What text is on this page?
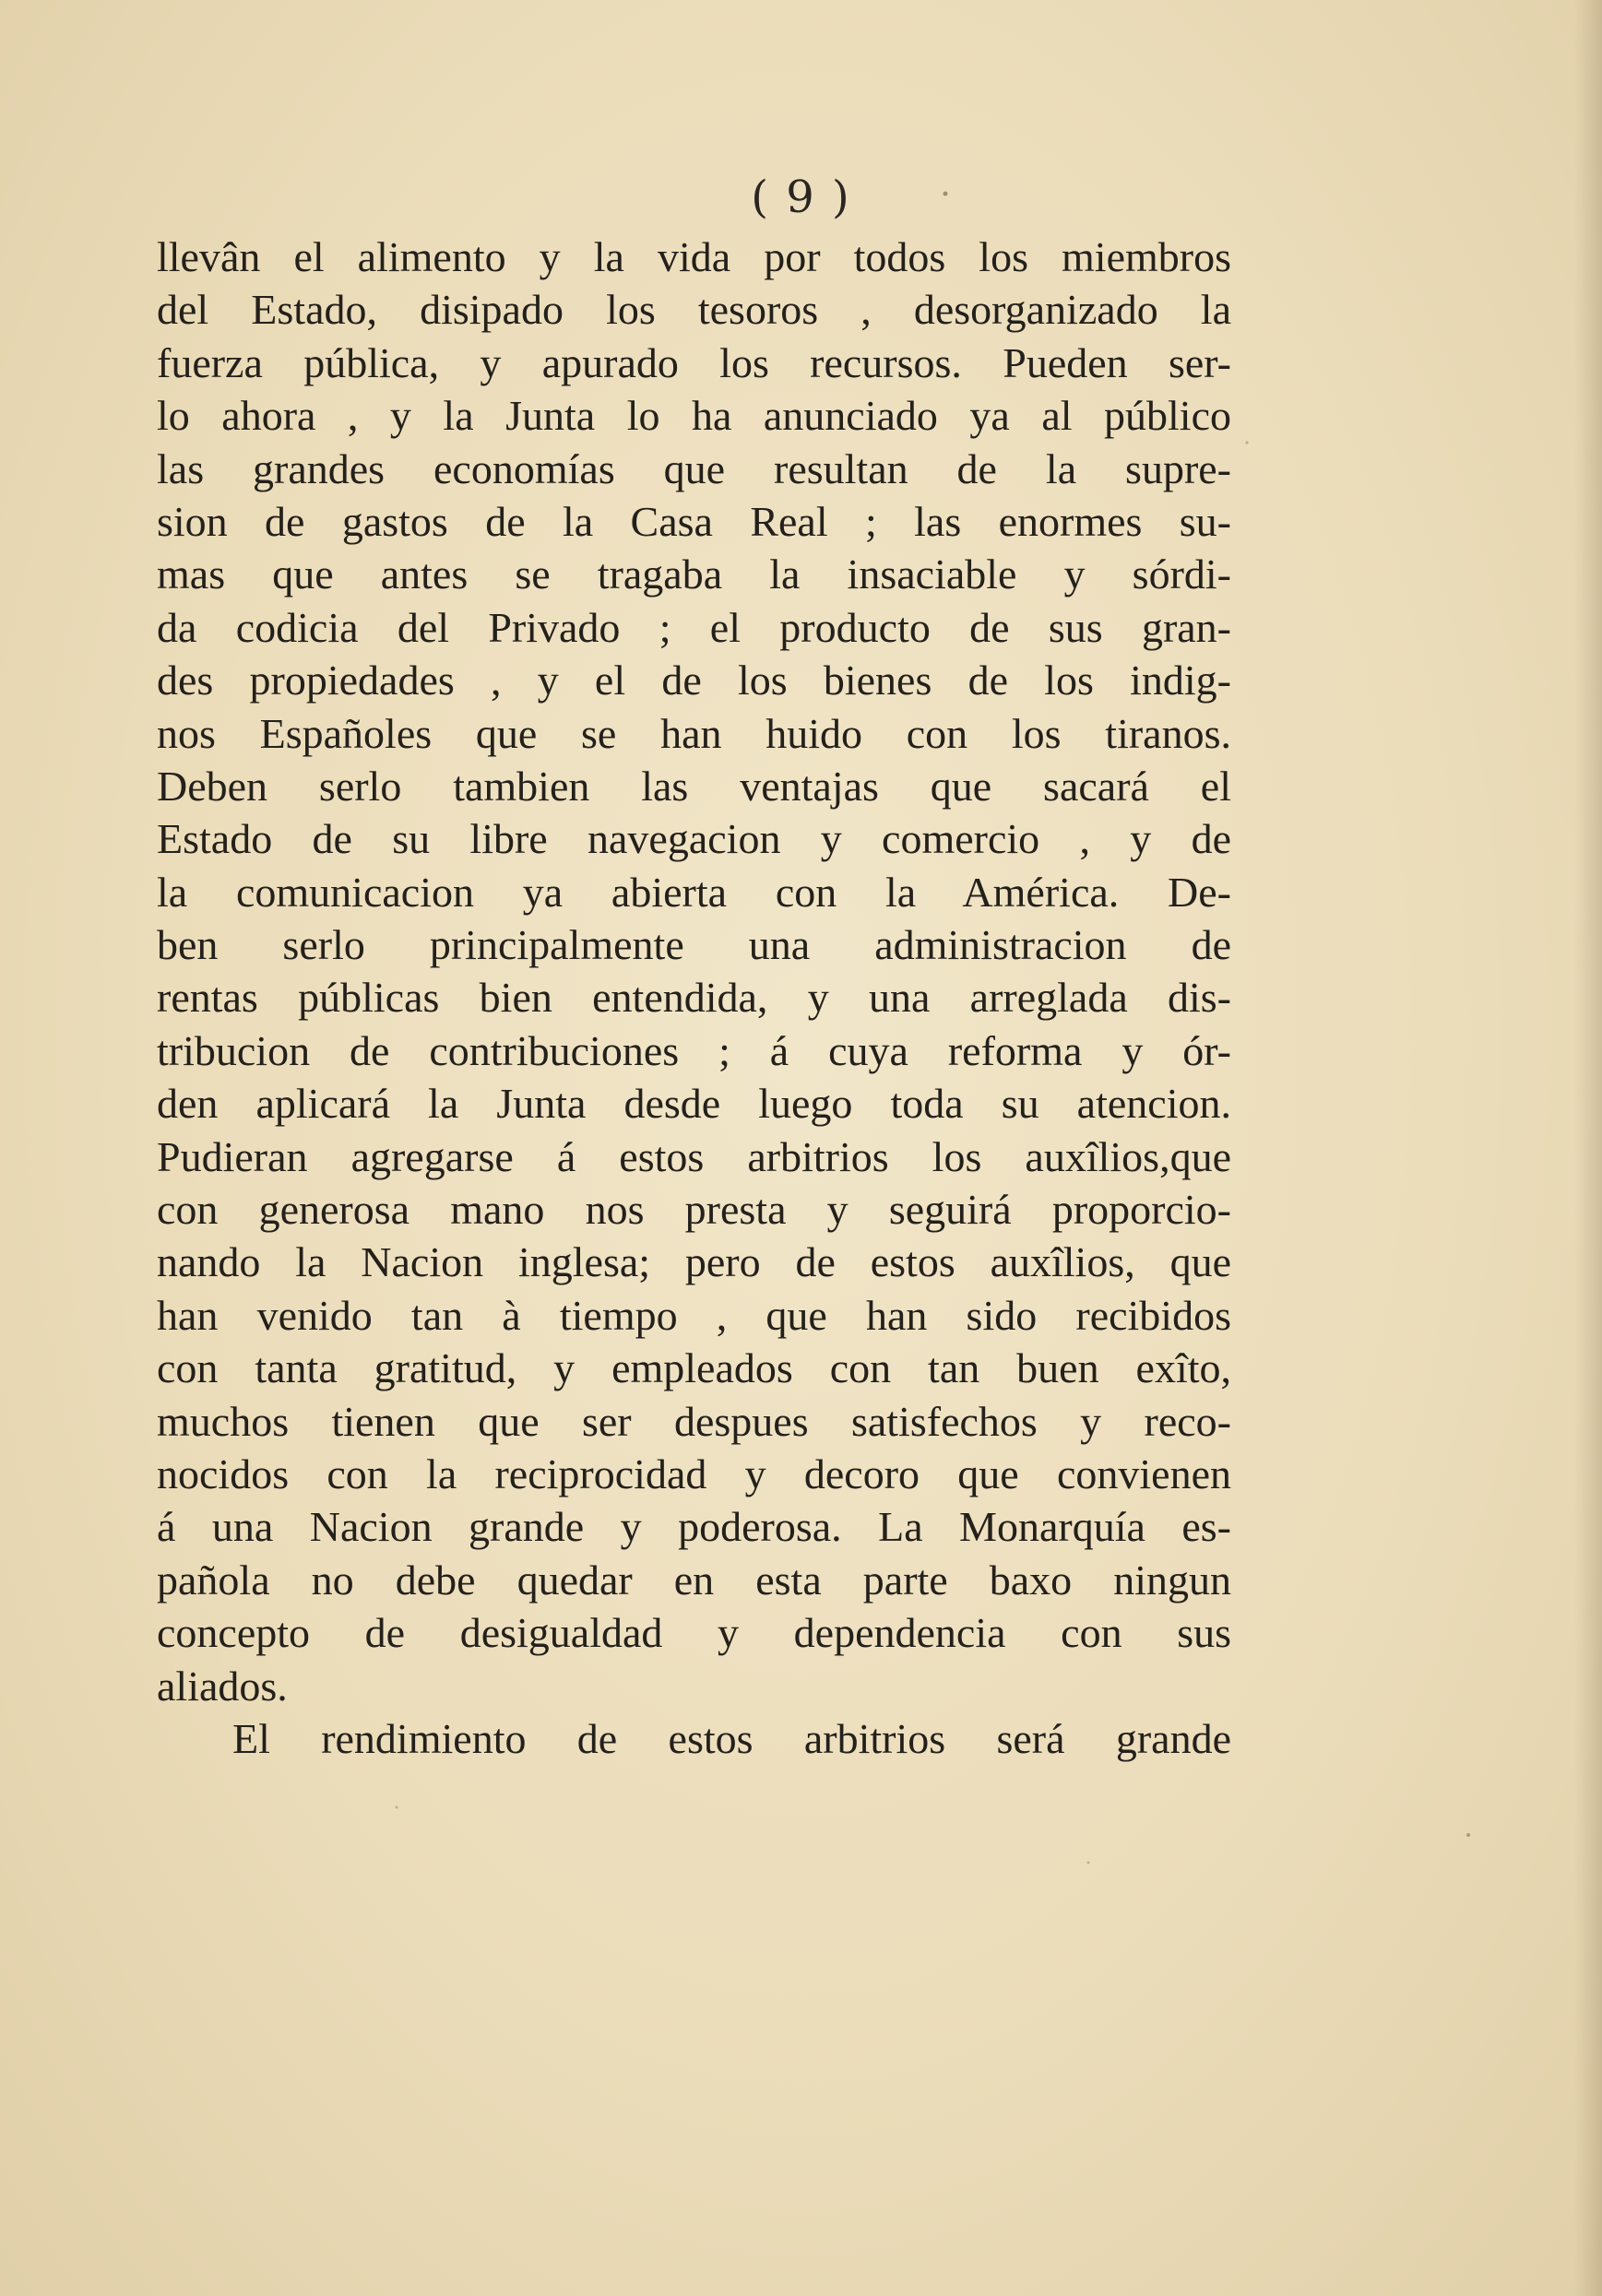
( 9 )
llevân el alimento y la vida por todos los miembros
del Estado, disipado los tesoros , desorganizado la
fuerza pública, y apurado los recursos. Pueden ser-
lo ahora , y la Junta lo ha anunciado ya al público
las grandes economías que resultan de la supre-
sion de gastos de la Casa Real ; las enormes su-
mas que antes se tragaba la insaciable y sórdi-
da codicia del Privado ; el producto de sus gran-
des propiedades , y el de los bienes de los indig-
nos Españoles que se han huido con los tiranos.
Deben serlo tambien las ventajas que sacará el
Estado de su libre navegacion y comercio , y de
la comunicacion ya abierta con la América. De-
ben serlo principalmente una administracion de
rentas públicas bien entendida, y una arreglada dis-
tribucion de contribuciones ; á cuya reforma y ór-
den aplicará la Junta desde luego toda su atencion.
Pudieran agregarse á estos arbitrios los auxîlios,que
con generosa mano nos presta y seguirá proporcio-
nando la Nacion inglesa; pero de estos auxîlios, que
han venido tan à tiempo , que han sido recibidos
con tanta gratitud, y empleados con tan buen exîto,
muchos tienen que ser despues satisfechos y reco-
nocidos con la reciprocidad y decoro que convienen
á una Nacion grande y poderosa. La Monarquía es-
pañola no debe quedar en esta parte baxo ningun
concepto de desigualdad y dependencia con sus
aliados.
El rendimiento de estos arbitrios será grande
